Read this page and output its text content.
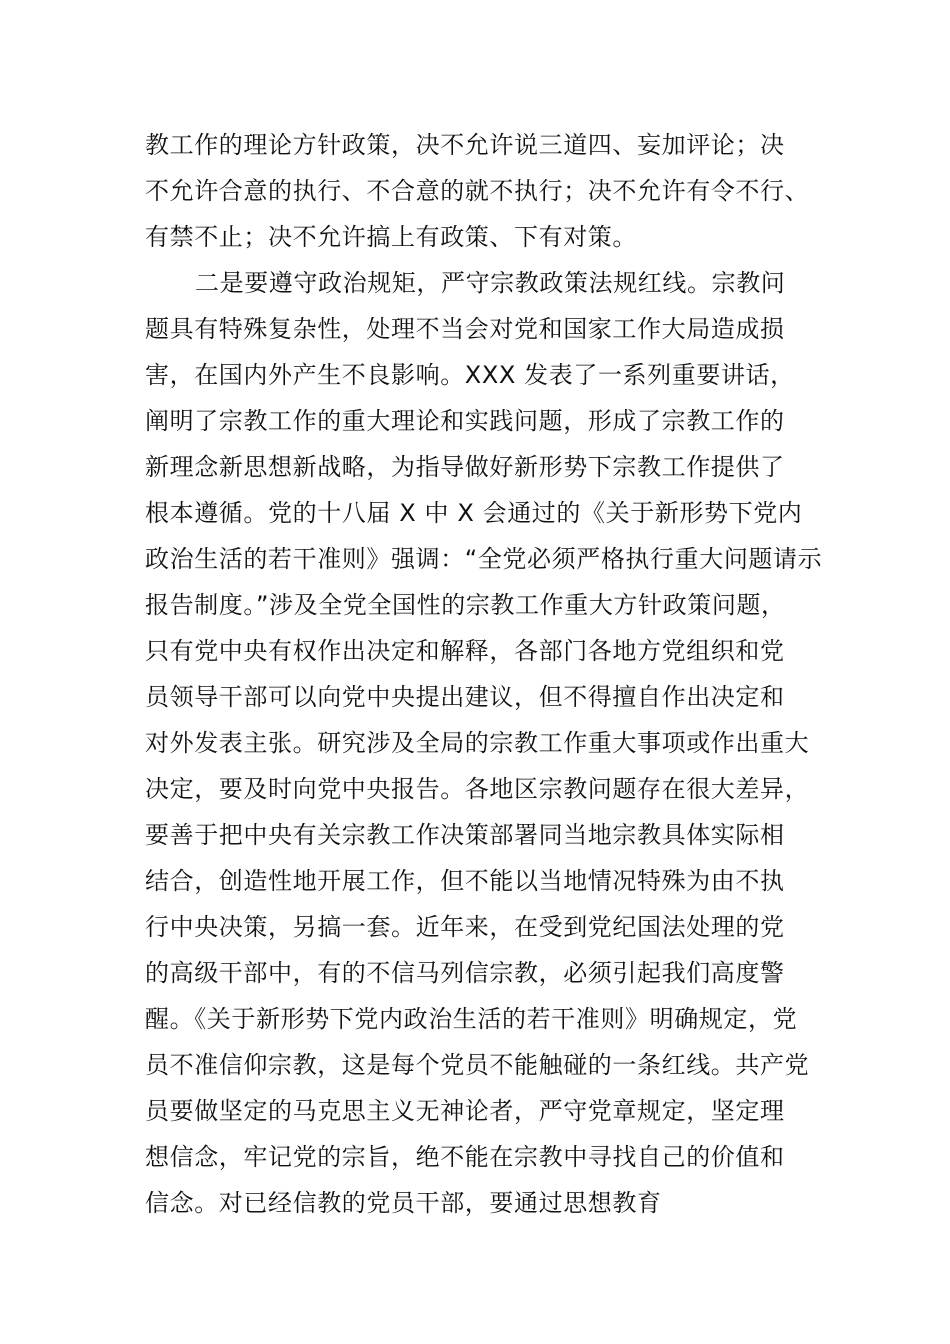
教工作的理论方针政策，决不允许说三道四、妄加评论；决
不允许合意的执行、不合意的就不执行；决不允许有令不行、
有禁不止；决不允许搞上有政策、下有对策。
二是要遵守政治规矩，严守宗教政策法规红线。宗教问
题具有特殊复杂性，处理不当会对党和国家工作大局造成损
害，在国内外产生不良影响。XXX 发表了一系列重要讲话，
阐明了宗教工作的重大理论和实践问题，形成了宗教工作的
新理念新思想新战略，为指导做好新形势下宗教工作提供了
根本遵循。党的十八届 X 中 X 会通过的《关于新形势下党内
政治生活的若干准则》强调：“全党必须严格执行重大问题请示
报告制度。”涉及全党全国性的宗教工作重大方针政策问题，
只有党中央有权作出决定和解释，各部门各地方党组织和党
员领导干部可以向党中央提出建议，但不得擅自作出决定和
对外发表主张。研究涉及全局的宗教工作重大事项或作出重大
决定，要及时向党中央报告。各地区宗教问题存在很大差异，
要善于把中央有关宗教工作决策部署同当地宗教具体实际相
结合，创造性地开展工作，但不能以当地情况特殊为由不执
行中央决策，另搞一套。近年来，在受到党纪国法处理的党
的高级干部中，有的不信马列信宗教，必须引起我们高度警
醒。《关于新形势下党内政治生活的若干准则》明确规定，党
员不准信仰宗教，这是每个党员不能触碰的一条红线。共产党
员要做坚定的马克思主义无神论者，严守党章规定，坚定理
想信念，牢记党的宗旨，绝不能在宗教中寻找自己的价值和
信念。对已经信教的党员干部，要通过思想教育
